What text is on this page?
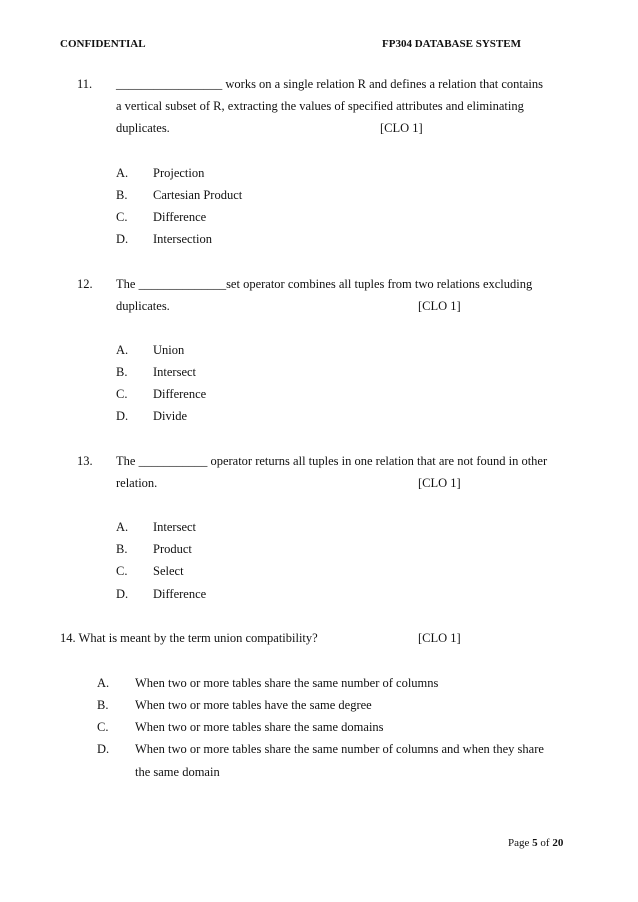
CONFIDENTIAL	FP304 DATABASE SYSTEM
11. _________________ works on a single relation R and defines a relation that contains
a vertical subset of R, extracting the values of specified attributes and eliminating
duplicates.	[CLO 1]
A. Projection
B. Cartesian Product
C. Difference
D. Intersection
12. The ______________set operator combines all tuples from two relations excluding
duplicates.	[CLO 1]
A. Union
B. Intersect
C. Difference
D. Divide
13. The ___________ operator returns all tuples in one relation that are not found in other
relation.	[CLO 1]
A. Intersect
B. Product
C. Select
D. Difference
14. What is meant by the term union compatibility?	[CLO 1]
A. When two or more tables share the same number of columns
B. When two or more tables have the same degree
C. When two or more tables share the same domains
D. When two or more tables share the same number of columns and when they share
the same domain
Page 5 of 20
